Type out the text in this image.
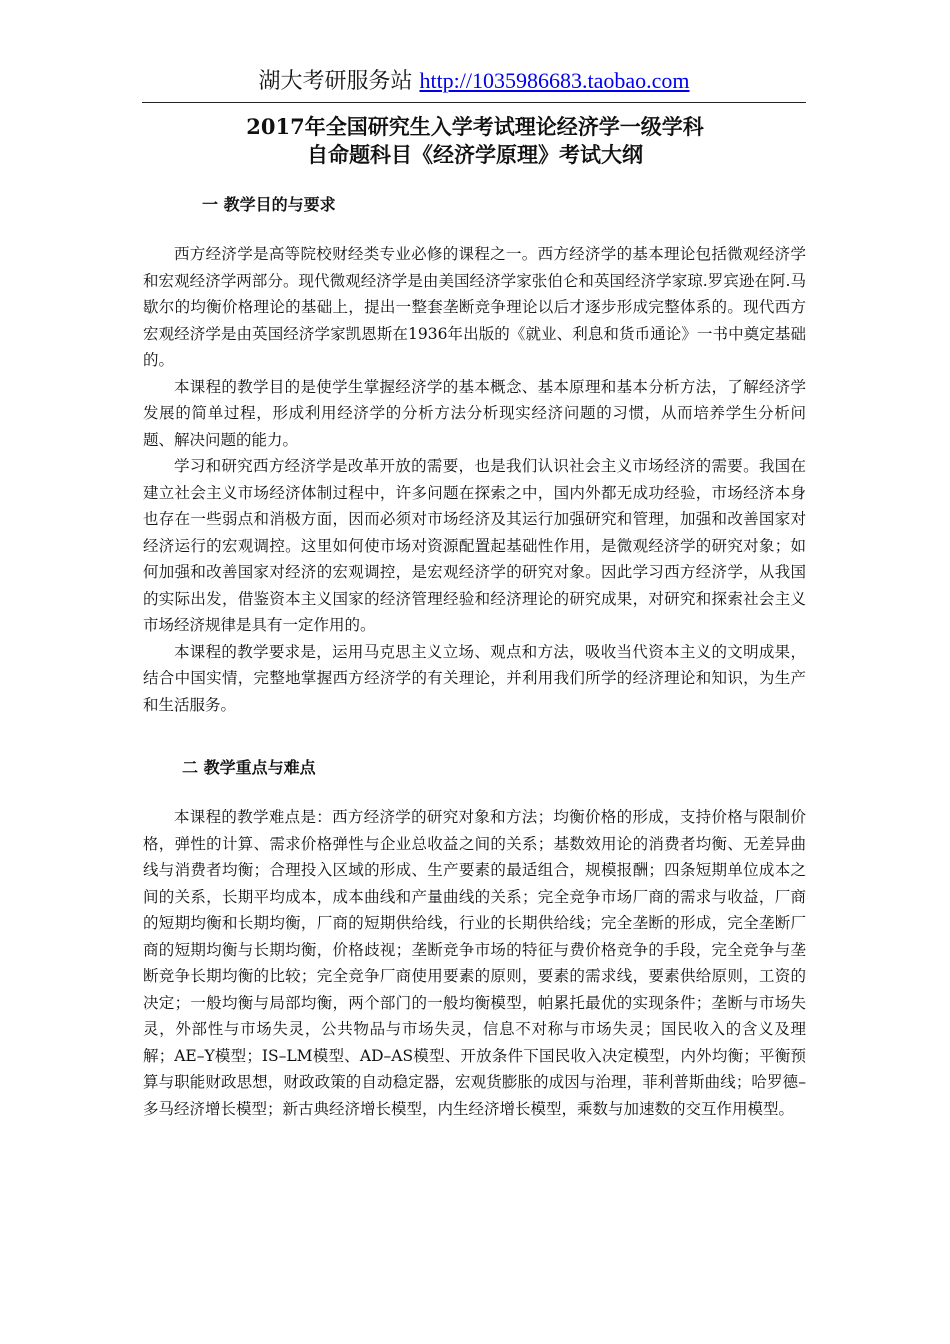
湖大考研服务站 http://1035986683.taobao.com
2017年全国研究生入学考试理论经济学一级学科
自命题科目《经济学原理》考试大纲
一 教学目的与要求

西方经济学是高等院校财经类专业必修的课程之一。西方经济学的基本理论包括微观经济学和宏观经济学两部分。现代微观经济学是由美国经济学家张伯仑和英国经济学家琼.罗宾逊在阿.马歇尔的均衡价格理论的基础上，提出一整套垄断竞争理论以后才逐步形成完整体系的。现代西方宏观经济学是由英国经济学家凯恩斯在1936年出版的《就业、利息和货币通论》一书中奠定基础的。

本课程的教学目的是使学生掌握经济学的基本概念、基本原理和基本分析方法，了解经济学发展的简单过程，形成利用经济学的分析方法分析现实经济问题的习惯，从而培养学生分析问题、解决问题的能力。

学习和研究西方经济学是改革开放的需要，也是我们认识社会主义市场经济的需要。我国在建立社会主义市场经济体制过程中，许多问题在探索之中，国内外都无成功经验，市场经济本身也存在一些弱点和消极方面，因而必须对市场经济及其运行加强研究和管理，加强和改善国家对经济运行的宏观调控。这里如何使市场对资源配置起基础性作用，是微观经济学的研究对象；如何加强和改善国家对经济的宏观调控，是宏观经济学的研究对象。因此学习西方经济学，从我国的实际出发，借鉴资本主义国家的经济管理经验和经济理论的研究成果，对研究和探索社会主义市场经济规律是具有一定作用的。

本课程的教学要求是，运用马克思主义立场、观点和方法，吸收当代资本主义的文明成果，结合中国实情，完整地掌握西方经济学的有关理论，并利用我们所学的经济理论和知识，为生产和生活服务。

二 教学重点与难点

本课程的教学难点是：西方经济学的研究对象和方法；均衡价格的形成，支持价格与限制价格，弹性的计算、需求价格弹性与企业总收益之间的关系；基数效用论的消费者均衡、无差异曲线与消费者均衡；合理投入区域的形成、生产要素的最适组合，规模报酬；四条短期单位成本之间的关系，长期平均成本，成本曲线和产量曲线的关系；完全竞争市场厂商的需求与收益，厂商的短期均衡和长期均衡，厂商的短期供给线，行业的长期供给线；完全垄断的形成，完全垄断厂商的短期均衡与长期均衡，价格歧视；垄断竞争市场的特征与费价格竞争的手段，完全竞争与垄断竞争长期均衡的比较；完全竞争厂商使用要素的原则，要素的需求线，要素供给原则，工资的决定；一般均衡与局部均衡，两个部门的一般均衡模型，帕累托最优的实现条件；垄断与市场失灵，外部性与市场失灵，公共物品与市场失灵，信息不对称与市场失灵；国民收入的含义及理解；AE–Y模型；IS–LM模型、AD–AS模型、开放条件下国民收入决定模型，内外均衡；平衡预算与职能财政思想，财政政策的自动稳定器，宏观货膨胀的成因与治理，菲利普斯曲线；哈罗德–多马经济增长模型；新古典经济增长模型，内生经济增长模型，乘数与加速数的交互作用模型。
